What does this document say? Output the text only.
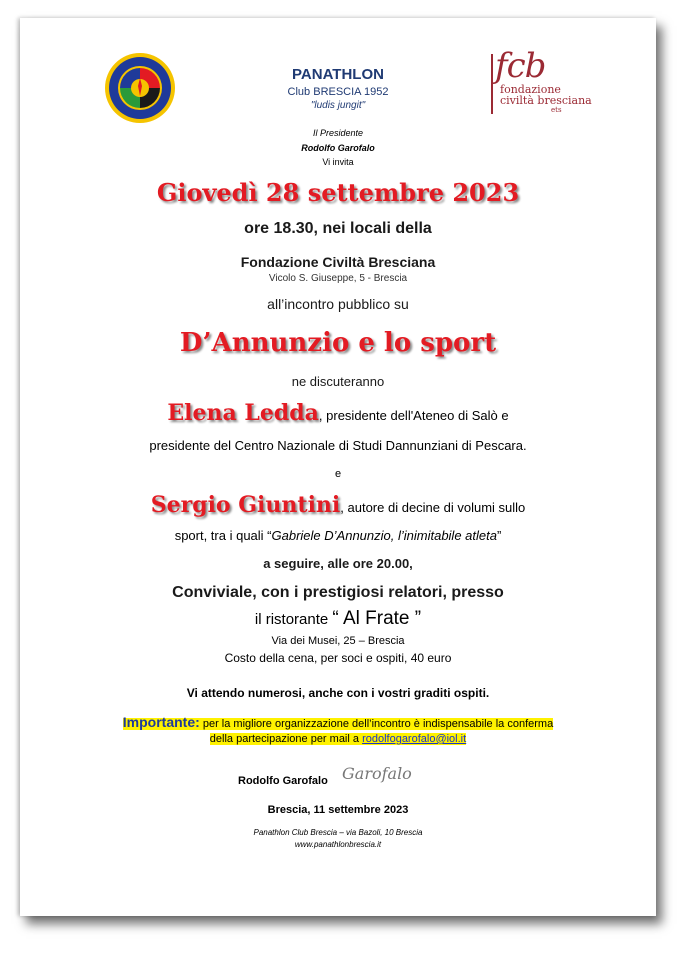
PANATHLON
Club BRESCIA 1952
"ludis jungit"
fcb
fondazione
civiltà bresciana
ets
Il Presidente
Rodolfo Garofalo
Vi invita
Giovedì 28 settembre 2023
ore 18.30, nei locali della
Fondazione Civiltà Bresciana
Vicolo S. Giuseppe, 5 - Brescia
all’incontro pubblico su
D’Annunzio e lo sport
ne discuteranno
Elena Ledda, presidente dell'Ateneo di Salò e
presidente del Centro Nazionale di Studi Dannunziani di Pescara.
e
Sergio Giuntini, autore di decine di volumi sullo
sport, tra i quali “Gabriele D’Annunzio, l’inimitabile atleta”
a seguire, alle ore 20.00,
Conviviale, con i prestigiosi relatori, presso
il ristorante “ Al Frate ”
Via dei Musei, 25 – Brescia
Costo della cena, per soci e ospiti, 40 euro
Vi attendo numerosi, anche con i vostri graditi ospiti.
Importante: per la migliore organizzazione dell’incontro è indispensabile la conferma
della partecipazione per mail a rodolfogarofalo@iol.it
Rodolfo Garofalo Garofalo
Brescia, 11 settembre 2023
Panathlon Club Brescia – via Bazoli, 10 Brescia
www.panathlonbrescia.it
